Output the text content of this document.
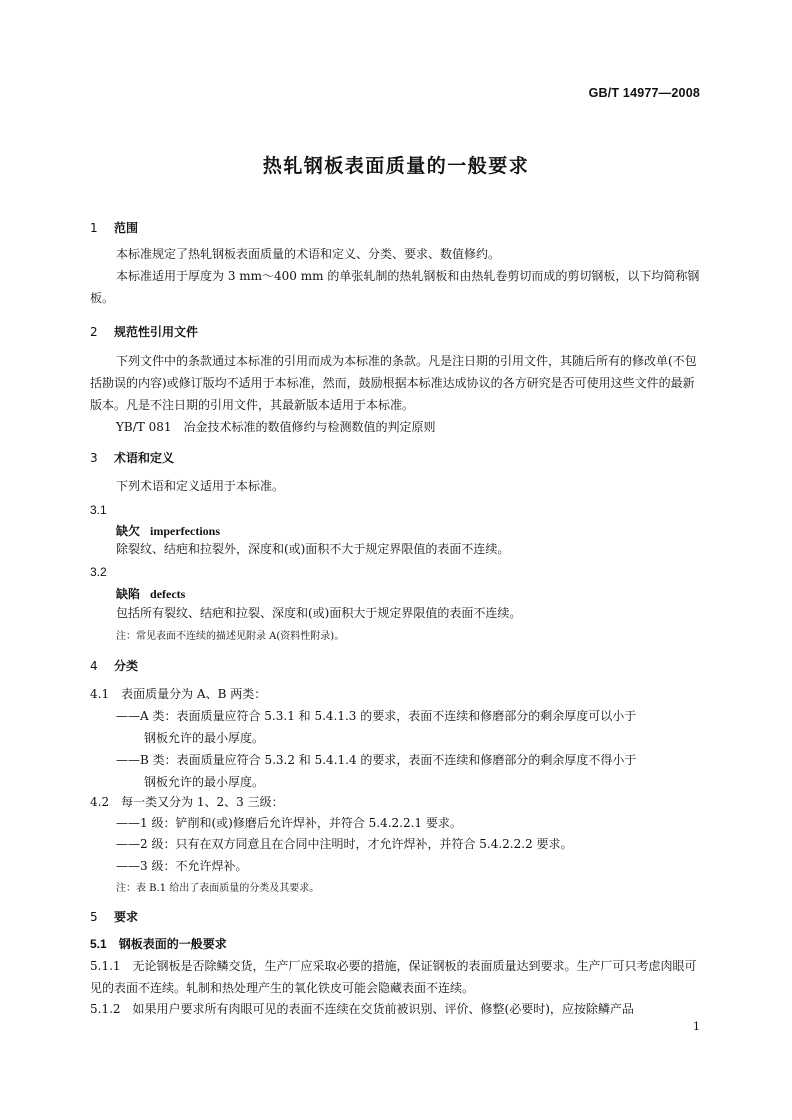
GB/T 14977—2008
热轧钢板表面质量的一般要求
1 范围
本标准规定了热轧钢板表面质量的术语和定义、分类、要求、数值修约。
本标准适用于厚度为 3 mm～400 mm 的单张轧制的热轧钢板和由热轧卷剪切而成的剪切钢板，以下均简称钢板。
2 规范性引用文件
下列文件中的条款通过本标准的引用而成为本标准的条款。凡是注日期的引用文件，其随后所有的修改单(不包括勘误的内容)或修订版均不适用于本标准，然而，鼓励根据本标准达成协议的各方研究是否可使用这些文件的最新版本。凡是不注日期的引用文件，其最新版本适用于本标准。
YB/T 081　冶金技术标准的数值修约与检测数值的判定原则
3 术语和定义
下列术语和定义适用于本标准。
3.1
缺欠 imperfections
除裂纹、结疤和拉裂外，深度和(或)面积不大于规定界限值的表面不连续。
3.2
缺陷 defects
包括所有裂纹、结疤和拉裂、深度和(或)面积大于规定界限值的表面不连续。
注：常见表面不连续的描述见附录 A(资料性附录)。
4 分类
4.1　表面质量分为 A、B 两类：
——A 类：表面质量应符合 5.3.1 和 5.4.1.3 的要求，表面不连续和修磨部分的剩余厚度可以小于
钢板允许的最小厚度。
——B 类：表面质量应符合 5.3.2 和 5.4.1.4 的要求，表面不连续和修磨部分的剩余厚度不得小于
钢板允许的最小厚度。
4.2　每一类又分为 1、2、3 三级：
——1 级：铲削和(或)修磨后允许焊补，并符合 5.4.2.2.1 要求。
——2 级：只有在双方同意且在合同中注明时，才允许焊补，并符合 5.4.2.2.2 要求。
——3 级：不允许焊补。
注：表 B.1 给出了表面质量的分类及其要求。
5 要求
5.1 钢板表面的一般要求
5.1.1　无论钢板是否除鳞交货，生产厂应采取必要的措施，保证钢板的表面质量达到要求。生产厂可只考虑肉眼可见的表面不连续。轧制和热处理产生的氧化铁皮可能会隐藏表面不连续。
5.1.2　如果用户要求所有肉眼可见的表面不连续在交货前被识别、评价、修整(必要时)，应按除鳞产品
1
